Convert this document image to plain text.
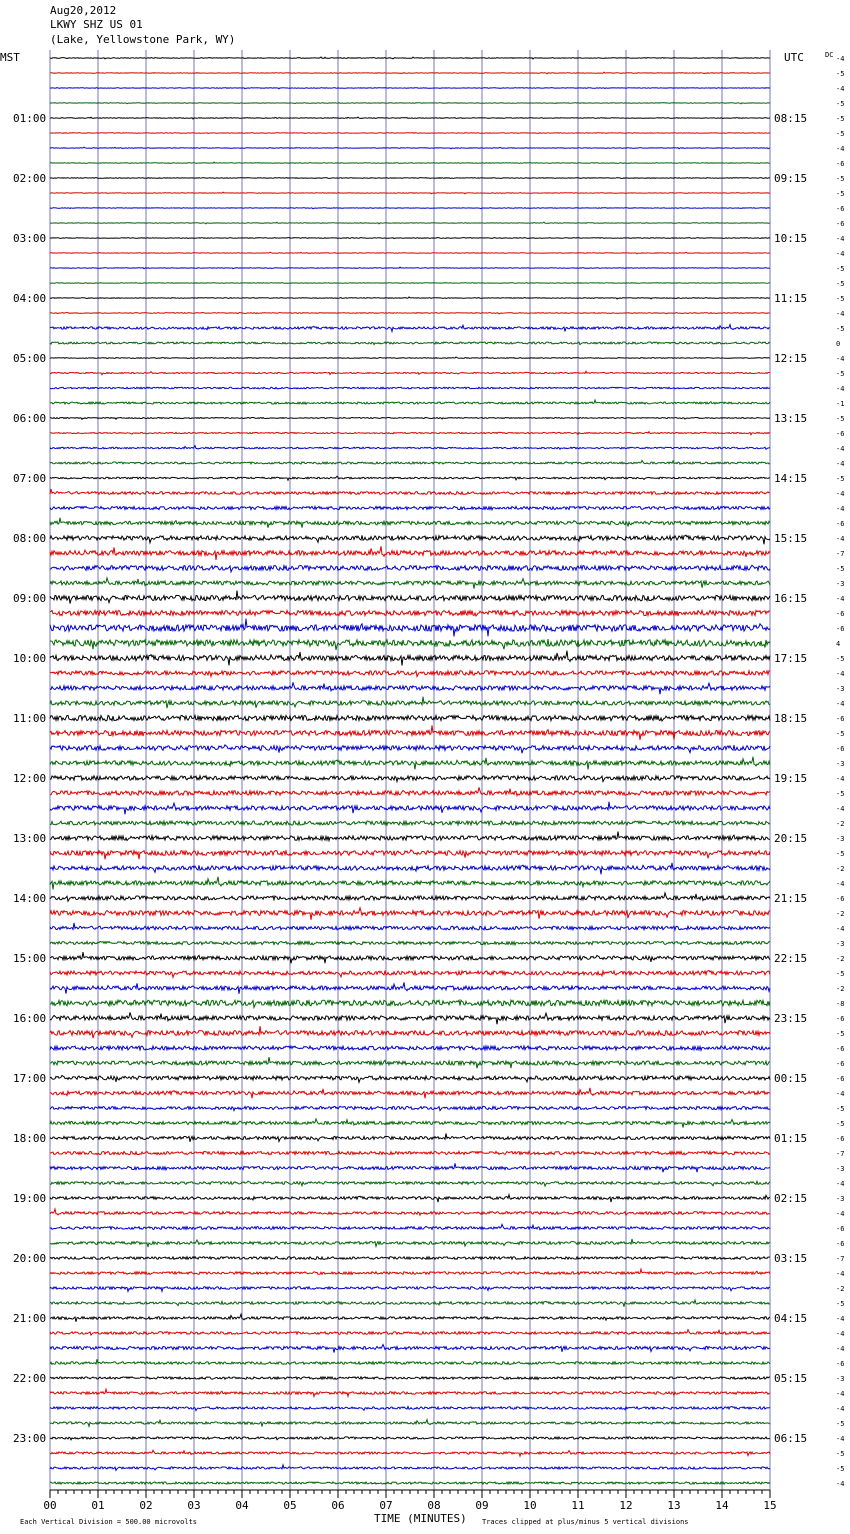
Aug20,2012
LKWY SHZ US 01
(Lake, Yellowstone Park, WY)
01:00
02:00
03:00
04:00
05:00
06:00
07:00
08:00
09:00
10:00
11:00
12:00
13:00
14:00
15:00
16:00
17:00
18:00
19:00
20:00
21:00
22:00
23:00
08:15
09:15
10:15
11:15
12:15
13:15
14:15
15:15
16:15
17:15
18:15
19:15
20:15
21:15
22:15
23:15
00:15
01:15
02:15
03:15
04:15
05:15
06:15
-4
-5
-4
-5
-5
-5
-4
-6
-5
-5
-6
-6
-4
-4
-5
-5
-5
-4
-5
0
-4
-5
-4
-1
-5
-6
-4
-4
-5
-4
-4
-6
-4
-7
-5
-3
-4
-6
-6
4
-5
-4
-3
-4
-6
-5
-6
-3
-4
-5
-4
-2
-3
-5
-2
-4
-6
-2
-4
-3
-2
-5
-2
-8
-6
-5
-6
-6
-6
-4
-5
-5
-6
-7
-3
-4
-3
-4
-6
-6
-7
-4
-2
-5
-4
-4
-4
-6
-3
-4
-4
-5
-4
-5
-5
-4
00	01	02	03	04	05	06	07	08	09	10	11	12	13	14	15
MST	UTC	DC
TIME (MINUTES)
Each Vertical Division = 500.00 microvolts	Traces clipped at plus/minus 5 vertical divisions
